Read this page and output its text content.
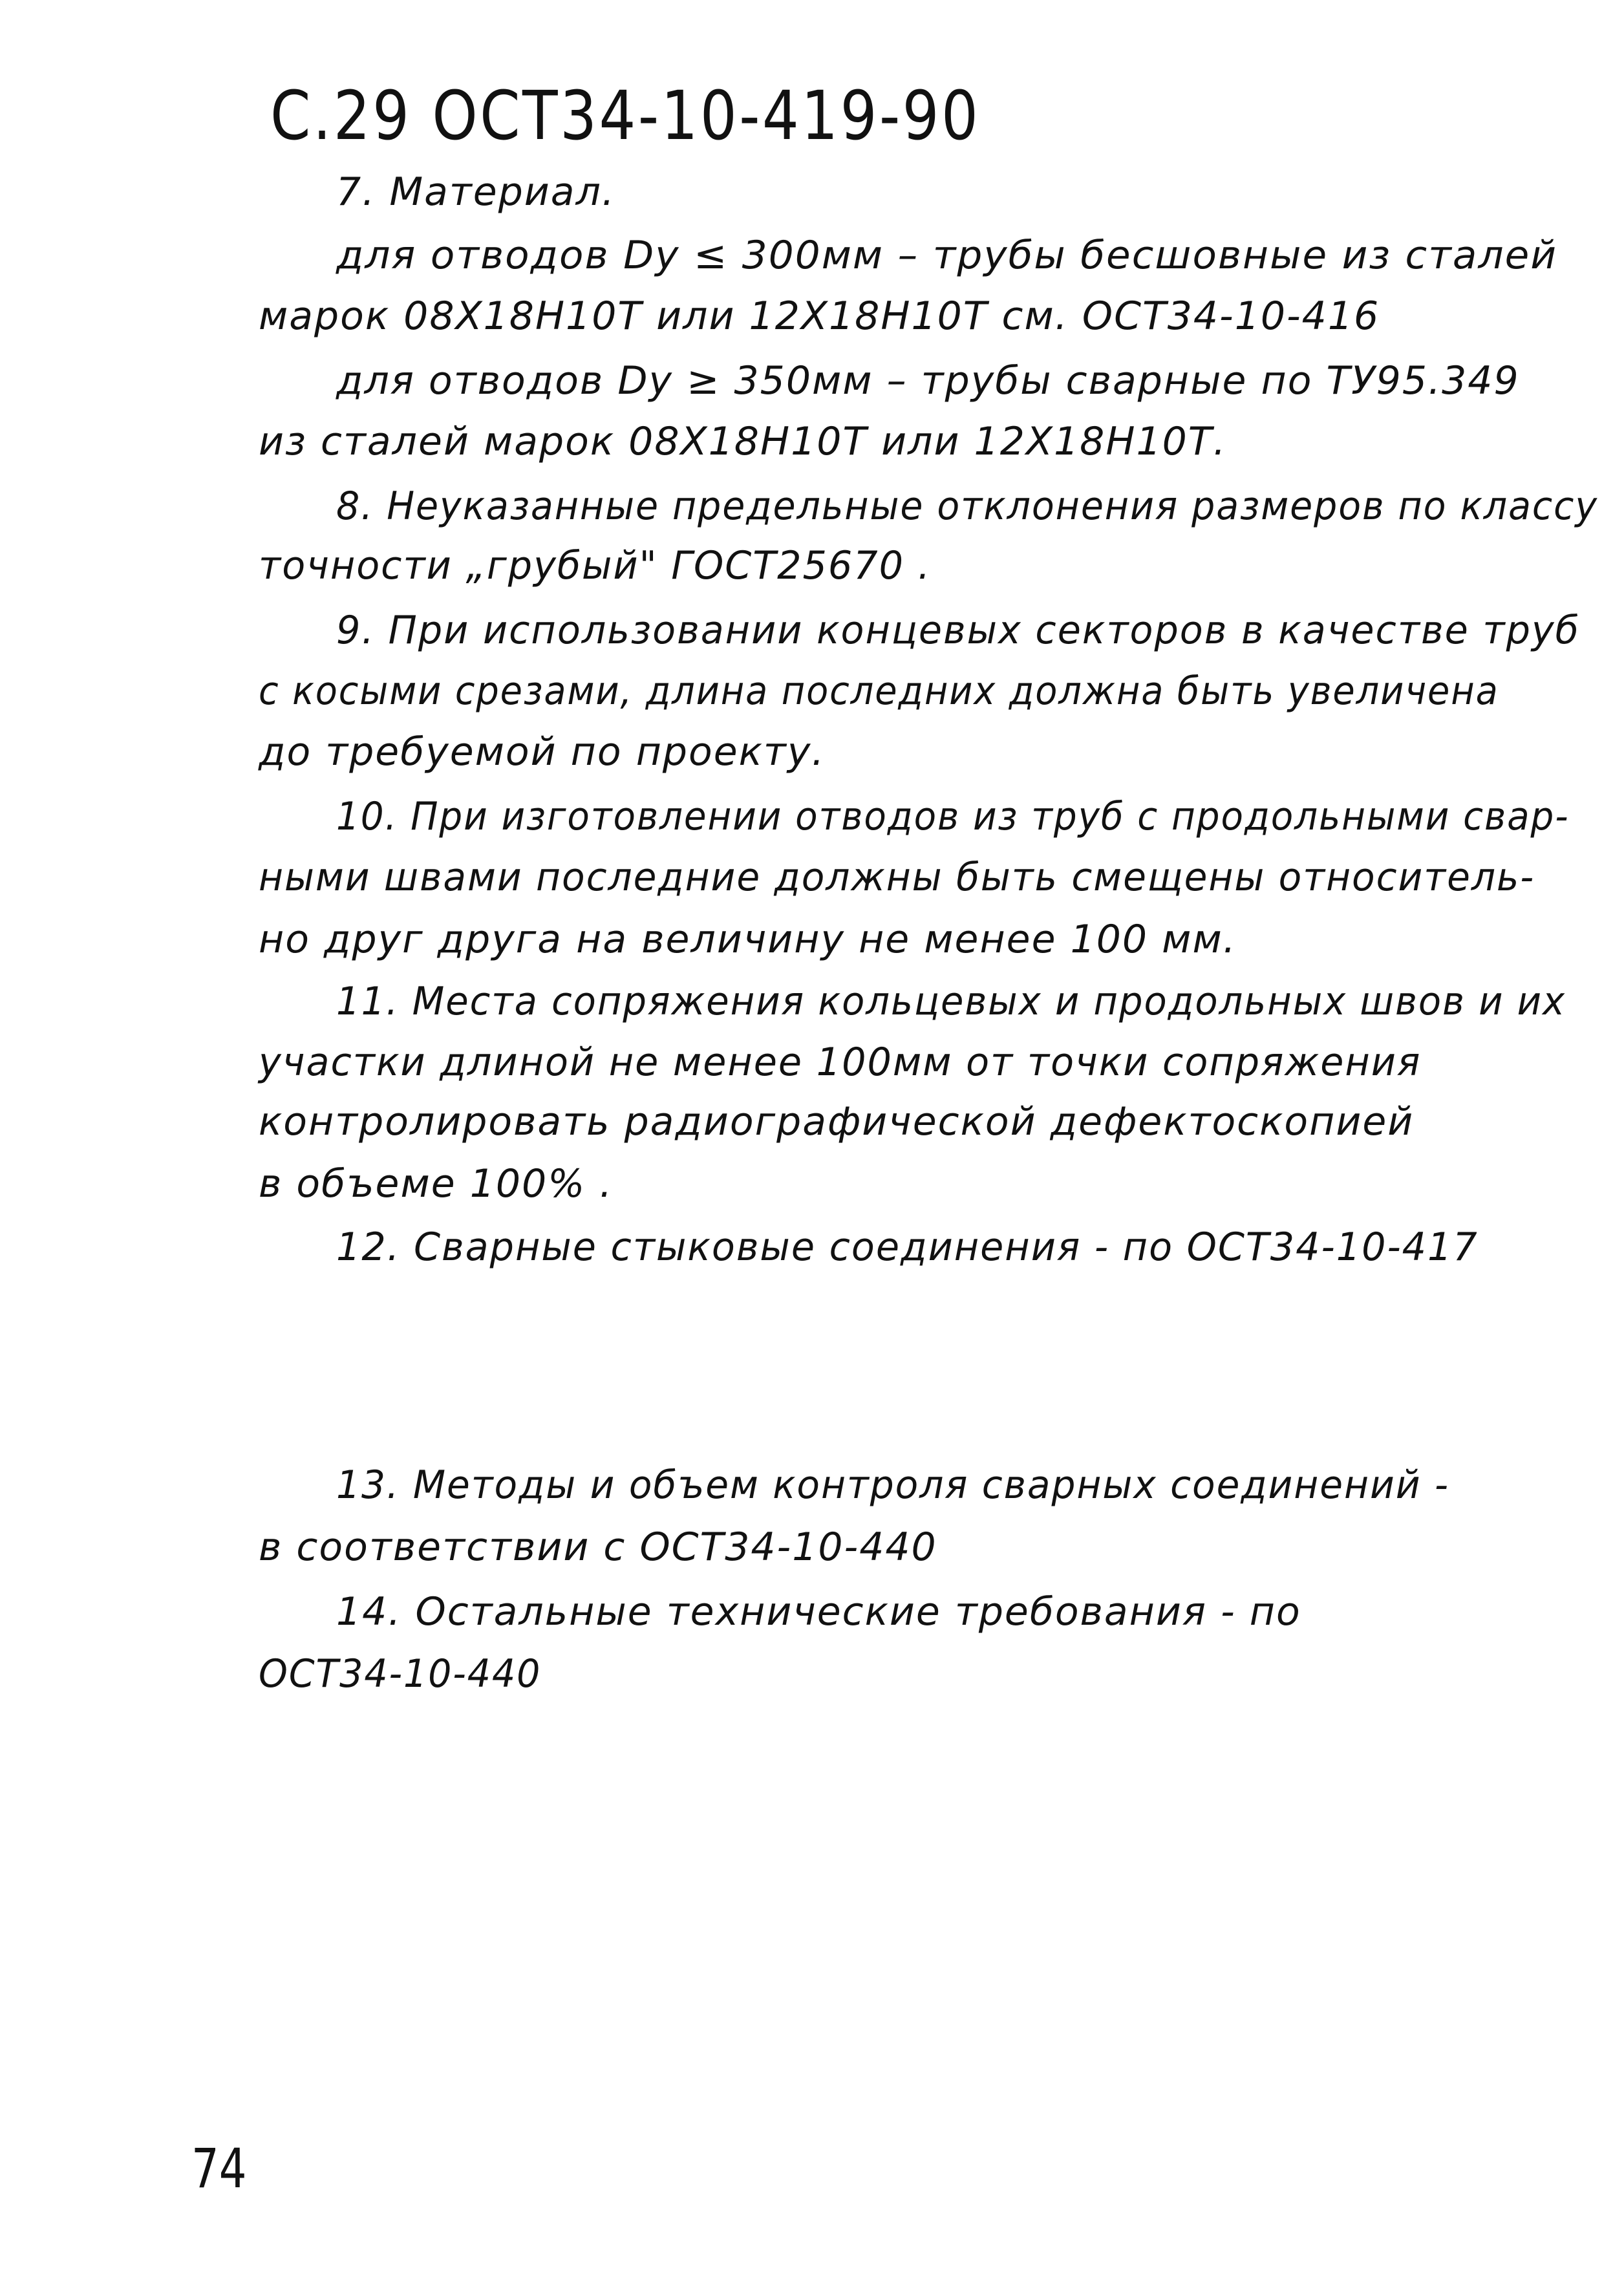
С.29 ОСТ34-10-419-90
7. Материал.
для отводов Dу ≤ 300мм – трубы бесшовные из сталей
марок 08Х18Н10Т или 12Х18Н10Т см. ОСТ34-10-416
для отводов Dу ≥ 350мм – трубы сварные по ТУ95.349
из сталей марок 08Х18Н10Т или 12Х18Н10Т.
8. Неуказанные предельные отклонения размеров по классу
точности „грубый" ГОСТ25670 .
9. При использовании концевых секторов в качестве труб
с косыми срезами, длина последних должна быть увеличена
до требуемой по проекту.
10. При изготовлении отводов из труб с продольными свар-
ными швами последние должны быть смещены относитель-
но друг друга на величину не менее 100 мм.
11. Места сопряжения кольцевых и продольных швов и их
участки длиной не менее 100мм от точки сопряжения
контролировать радиографической дефектоскопией
в объеме 100% .
12. Сварные стыковые соединения - по ОСТ34-10-417
13. Методы и объем контроля сварных соединений -
в соответствии с ОСТ34-10-440
14. Остальные технические требования - по
ОСТ34-10-440
74
